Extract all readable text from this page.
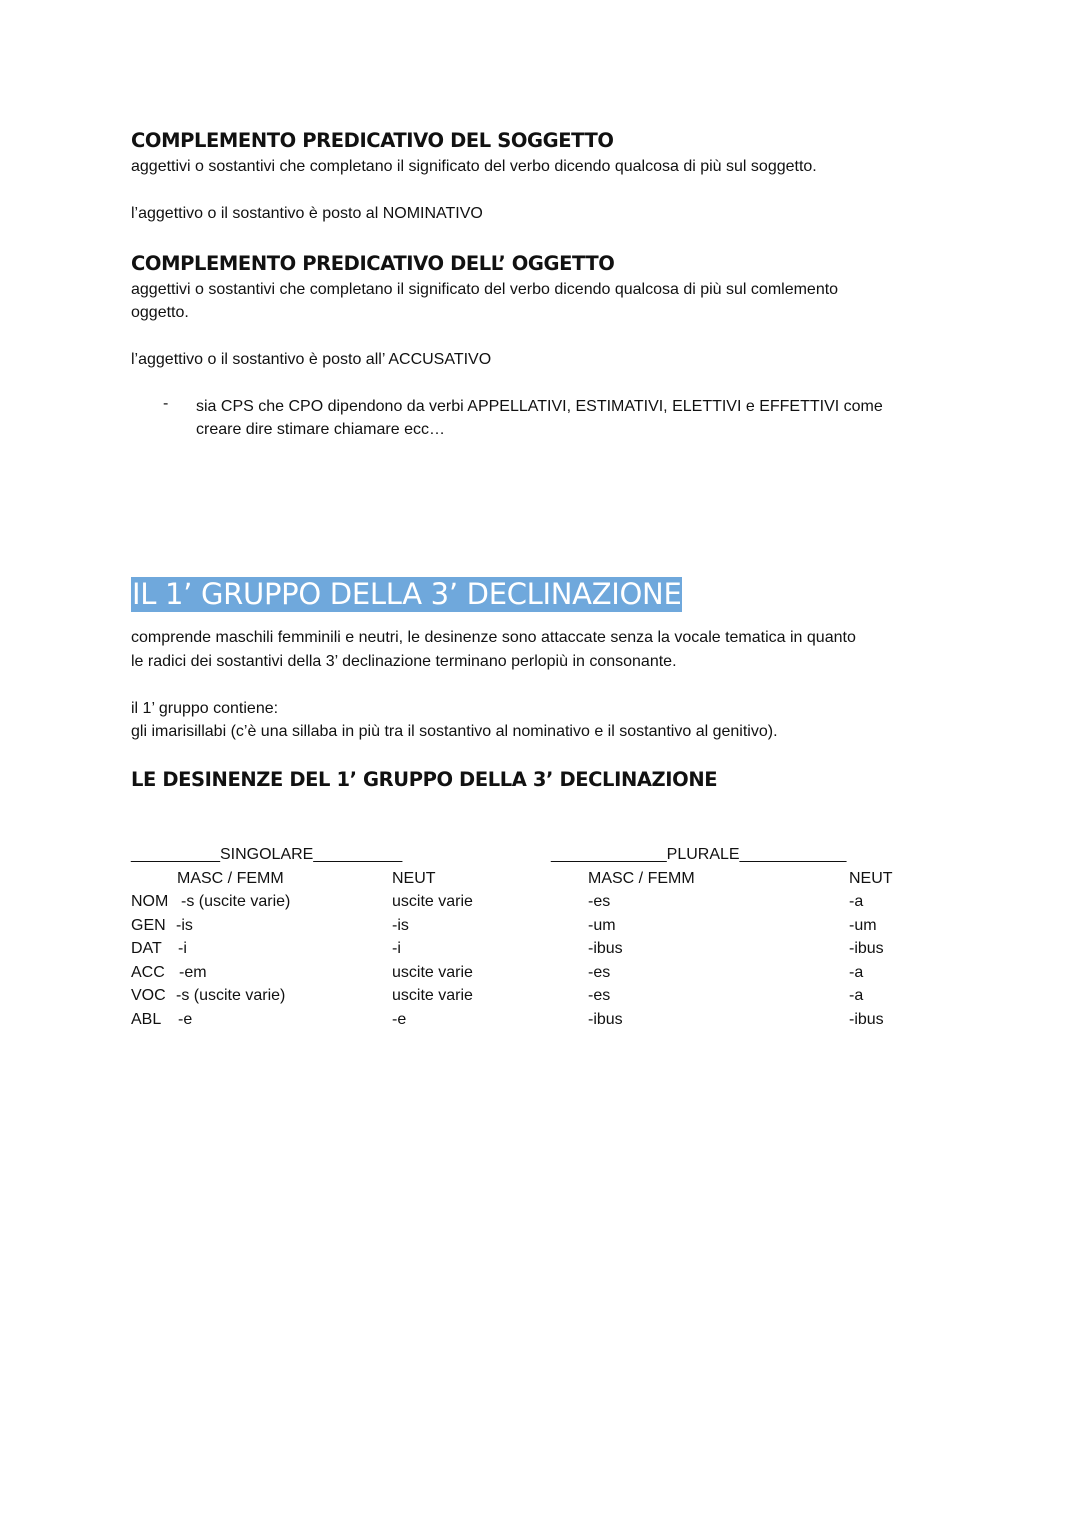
COMPLEMENTO PREDICATIVO DEL SOGGETTO
aggettivi o sostantivi che completano il significato del verbo dicendo qualcosa di più sul soggetto.
l’aggettivo o il sostantivo è posto al NOMINATIVO
COMPLEMENTO PREDICATIVO DELL’ OGGETTO
aggettivi o sostantivi che completano il significato del verbo dicendo qualcosa di più sul comlemento
oggetto.
l’aggettivo o il sostantivo è posto all’ ACCUSATIVO
- sia CPS che CPO dipendono da verbi APPELLATIVI, ESTIMATIVI, ELETTIVI e EFFETTIVI come
creare dire stimare chiamare ecc…
IL 1’ GRUPPO DELLA 3’ DECLINAZIONE
comprende maschili femminili e neutri, le desinenze sono attaccate senza la vocale tematica in quanto
le radici dei sostantivi della 3’ declinazione terminano perlopiù in consonante.
il 1’ gruppo contiene:
gli imarisillabi (c’è una sillaba in più tra il sostantivo al nominativo e il sostantivo al genitivo).
LE DESINENZE DEL 1’ GRUPPO DELLA 3’ DECLINAZIONE
__________SINGOLARE__________	_____________PLURALE____________
MASC / FEMM	NEUT	MASC / FEMM	NEUT
NOM -s (uscite varie)	uscite varie	-es	-a
GEN -is	-is	-um	-um
DAT -i	-i	-ibus	-ibus
ACC -em	uscite varie	-es	-a
VOC -s (uscite varie)	uscite varie	-es	-a
ABL -e	-e	-ibus	-ibus
